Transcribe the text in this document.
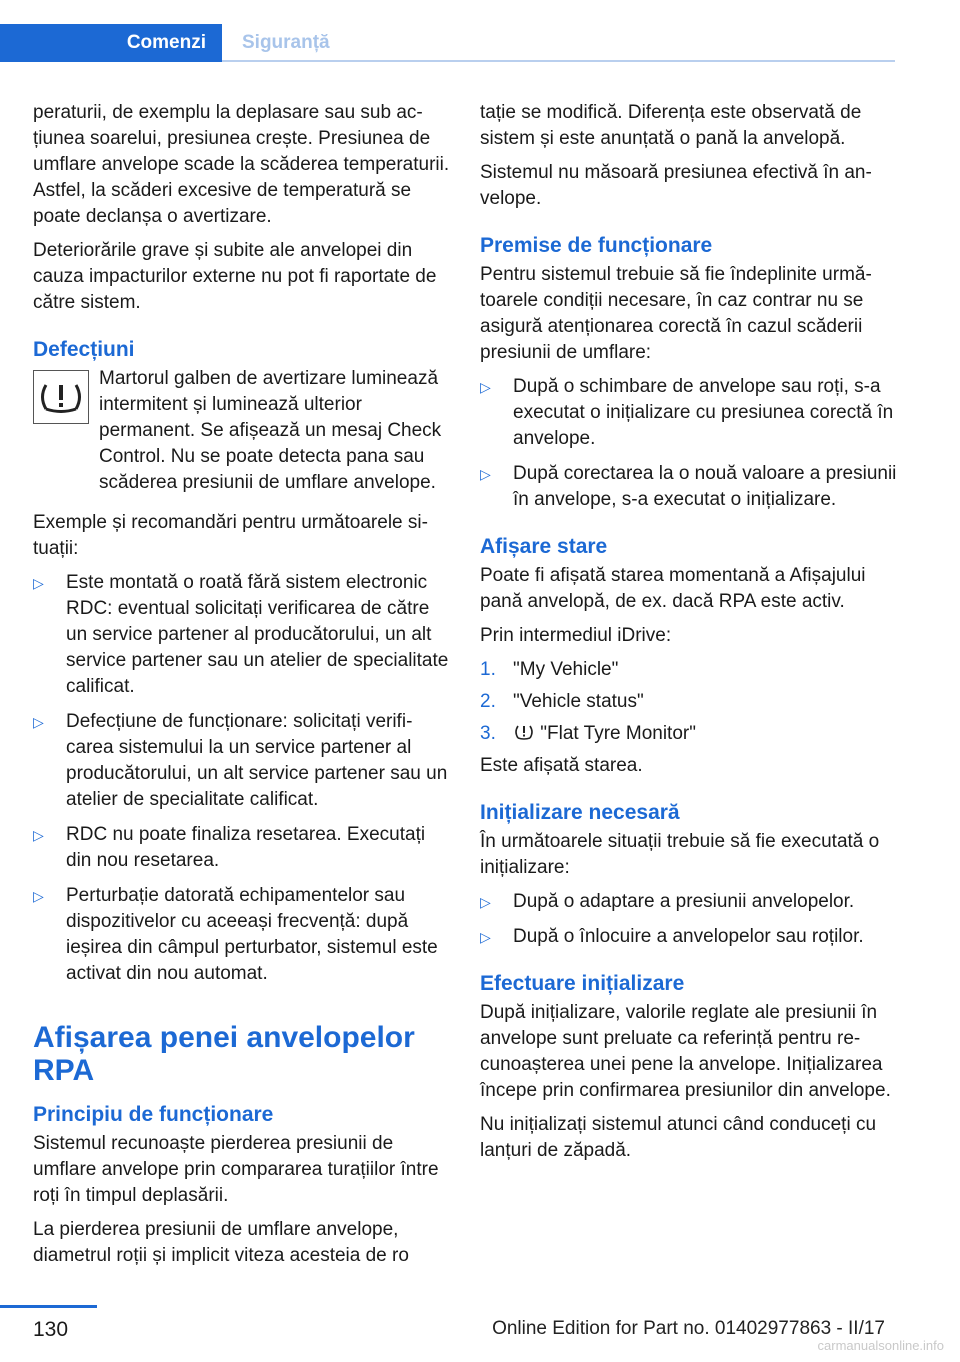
Comenzi	Siguranță

peraturii, de exemplu la deplasare sau sub acțiunea soarelui, presiunea crește. Presiunea de umflare anvelope scade la scăderea temperaturii. Astfel, la scăderi excesive de temperatură se poate declanșa o avertizare.

Deteriorările grave și subite ale anvelopei din cauza impacturilor externe nu pot fi raportate de către sistem.

Defecțiuni
Martorul galben de avertizare luminează intermitent și luminează ulterior permanent. Se afișează un mesaj Check Control. Nu se poate detecta pana sau scăderea presiunii de umflare anvelope.

Exemple și recomandări pentru următoarele situații:

▷ Este montată o roată fără sistem electronic RDC: eventual solicitați verificarea de către un service partener al producătorului, un alt service partener sau un atelier de specialitate calificat.
▷ Defecțiune de funcționare: solicitați verificarea sistemului la un service partener al producătorului, un alt service partener sau un atelier de specialitate calificat.
▷ RDC nu poate finaliza resetarea. Executați din nou resetarea.
▷ Perturbație datorată echipamentelor sau dispozitivelor cu aceeași frecvență: după ieșirea din câmpul perturbator, sistemul este activat din nou automat.
Afișarea penei anvelopelor RPA
Principiu de funcționare

Sistemul recunoaște pierderea presiunii de umflare anvelope prin compararea turațiilor între roți în timpul deplasării.

La pierderea presiunii de umflare anvelope, diametrul roții și implicit viteza acesteia de ro

tație se modifică. Diferența este observată de sistem și este anunțată o pană la anvelopă.

Sistemul nu măsoară presiunea efectivă în anvelope.

Premise de funcționare

Pentru sistemul trebuie să fie îndeplinite următoarele condiții necesare, în caz contrar nu se asigură atenționarea corectă în cazul scăderii presiunii de umflare:

▷ După o schimbare de anvelope sau roți, s-a executat o inițializare cu presiunea corectă în anvelope.
▷ După corectarea la o nouă valoare a presiunii în anvelope, s-a executat o inițializare.
Afișare stare

Poate fi afișată starea momentană a Afișajului pană anvelopă, de ex. dacă RPA este activ.

Prin intermediul iDrive:

1. "My Vehicle"
2. "Vehicle status"
3. "Flat Tyre Monitor"

Este afișată starea.

Inițializare necesară

În următoarele situații trebuie să fie executată o inițializare:

▷ După o adaptare a presiunii anvelopelor.
▷ După o înlocuire a anvelopelor sau roților.
Efectuare inițializare

După inițializare, valorile reglate ale presiunii în anvelope sunt preluate ca referință pentru recunoașterea unei pene la anvelope. Inițializarea începe prin confirmarea presiunilor din anvelope.

Nu inițializați sistemul atunci când conduceți cu lanțuri de zăpadă.

130	Online Edition for Part no. 01402977863 - II/17
carmanualsonline.info
